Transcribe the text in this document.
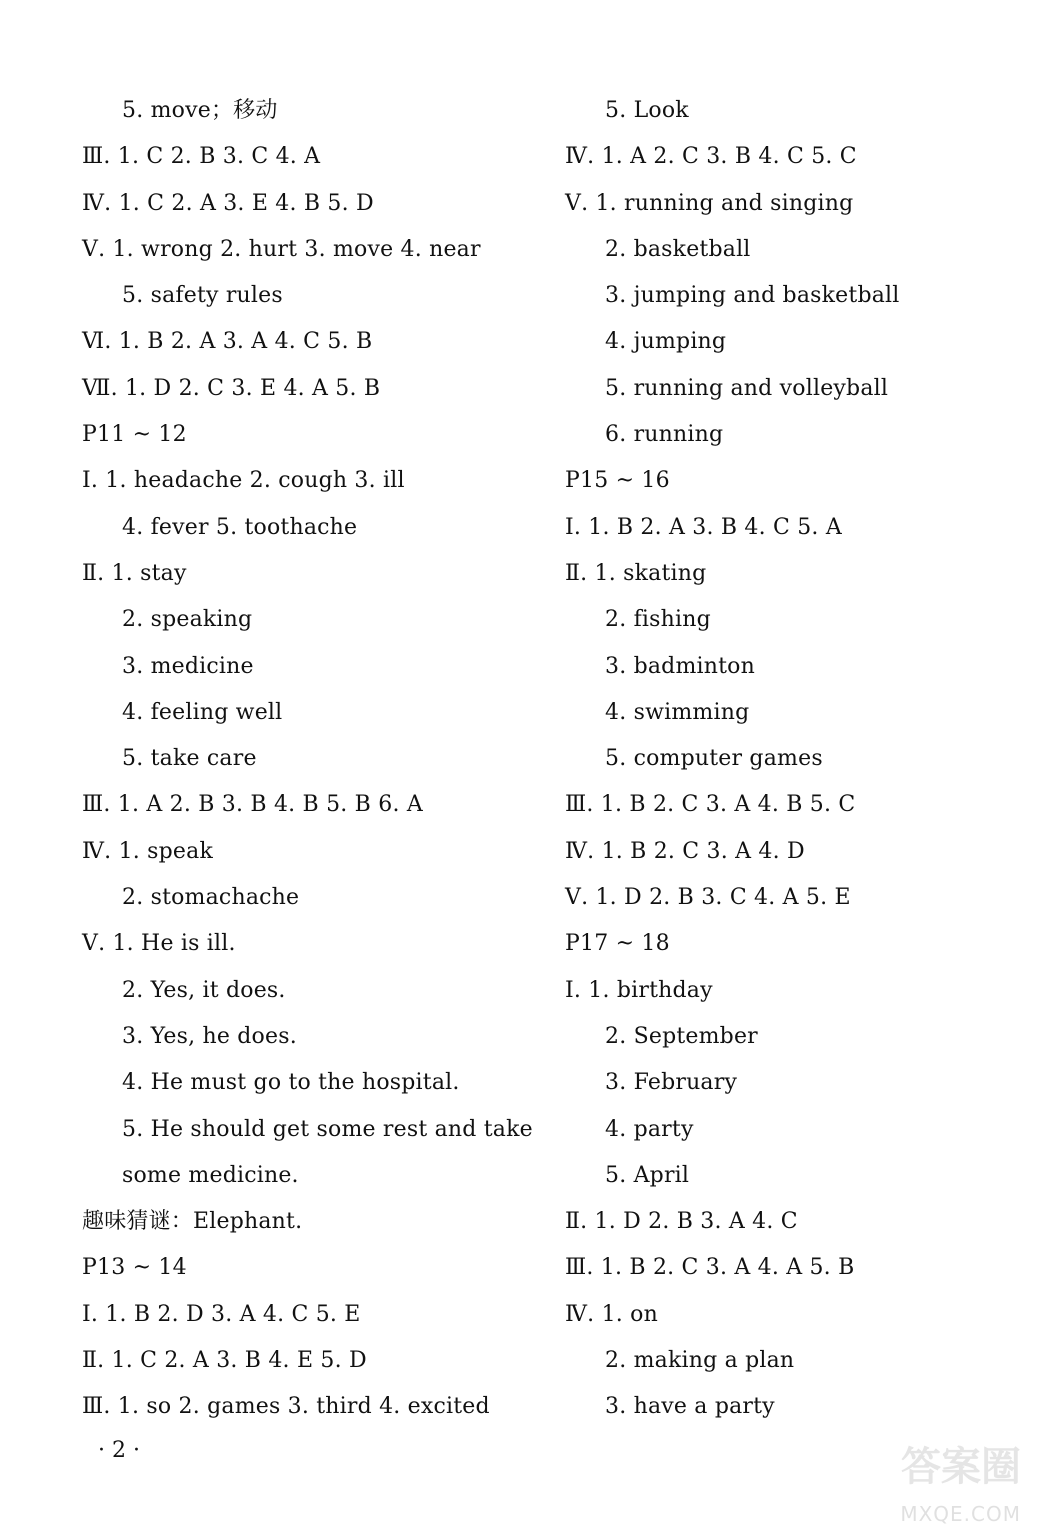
5. move；移动
Ⅲ. 1. C 2. B 3. C 4. A
Ⅳ. 1. C 2. A 3. E 4. B 5. D
Ⅴ. 1. wrong 2. hurt 3. move 4. near
5. safety rules
Ⅵ. 1. B 2. A 3. A 4. C 5. B
Ⅶ. 1. D 2. C 3. E 4. A 5. B
P11 ~ 12
Ⅰ. 1. headache 2. cough 3. ill
4. fever 5. toothache
Ⅱ. 1. stay
2. speaking
3. medicine
4. feeling well
5. take care
Ⅲ. 1. A 2. B 3. B 4. B 5. B 6. A
Ⅳ. 1. speak
2. stomachache
Ⅴ. 1. He is ill.
2. Yes, it does.
3. Yes, he does.
4. He must go to the hospital.
5. He should get some rest and take
some medicine.
趣味猜谜：Elephant.
P13 ~ 14
Ⅰ. 1. B 2. D 3. A 4. C 5. E
Ⅱ. 1. C 2. A 3. B 4. E 5. D
Ⅲ. 1. so 2. games 3. third 4. excited
5. Look
Ⅳ. 1. A 2. C 3. B 4. C 5. C
Ⅴ. 1. running and singing
2. basketball
3. jumping and basketball
4. jumping
5. running and volleyball
6. running
P15 ~ 16
Ⅰ. 1. B 2. A 3. B 4. C 5. A
Ⅱ. 1. skating
2. fishing
3. badminton
4. swimming
5. computer games
Ⅲ. 1. B 2. C 3. A 4. B 5. C
Ⅳ. 1. B 2. C 3. A 4. D
Ⅴ. 1. D 2. B 3. C 4. A 5. E
P17 ~ 18
Ⅰ. 1. birthday
2. September
3. February
4. party
5. April
Ⅱ. 1. D 2. B 3. A 4. C
Ⅲ. 1. B 2. C 3. A 4. A 5. B
Ⅳ. 1. on
2. making a plan
3. have a party
· 2 ·	答案圈
MXQE.COM
